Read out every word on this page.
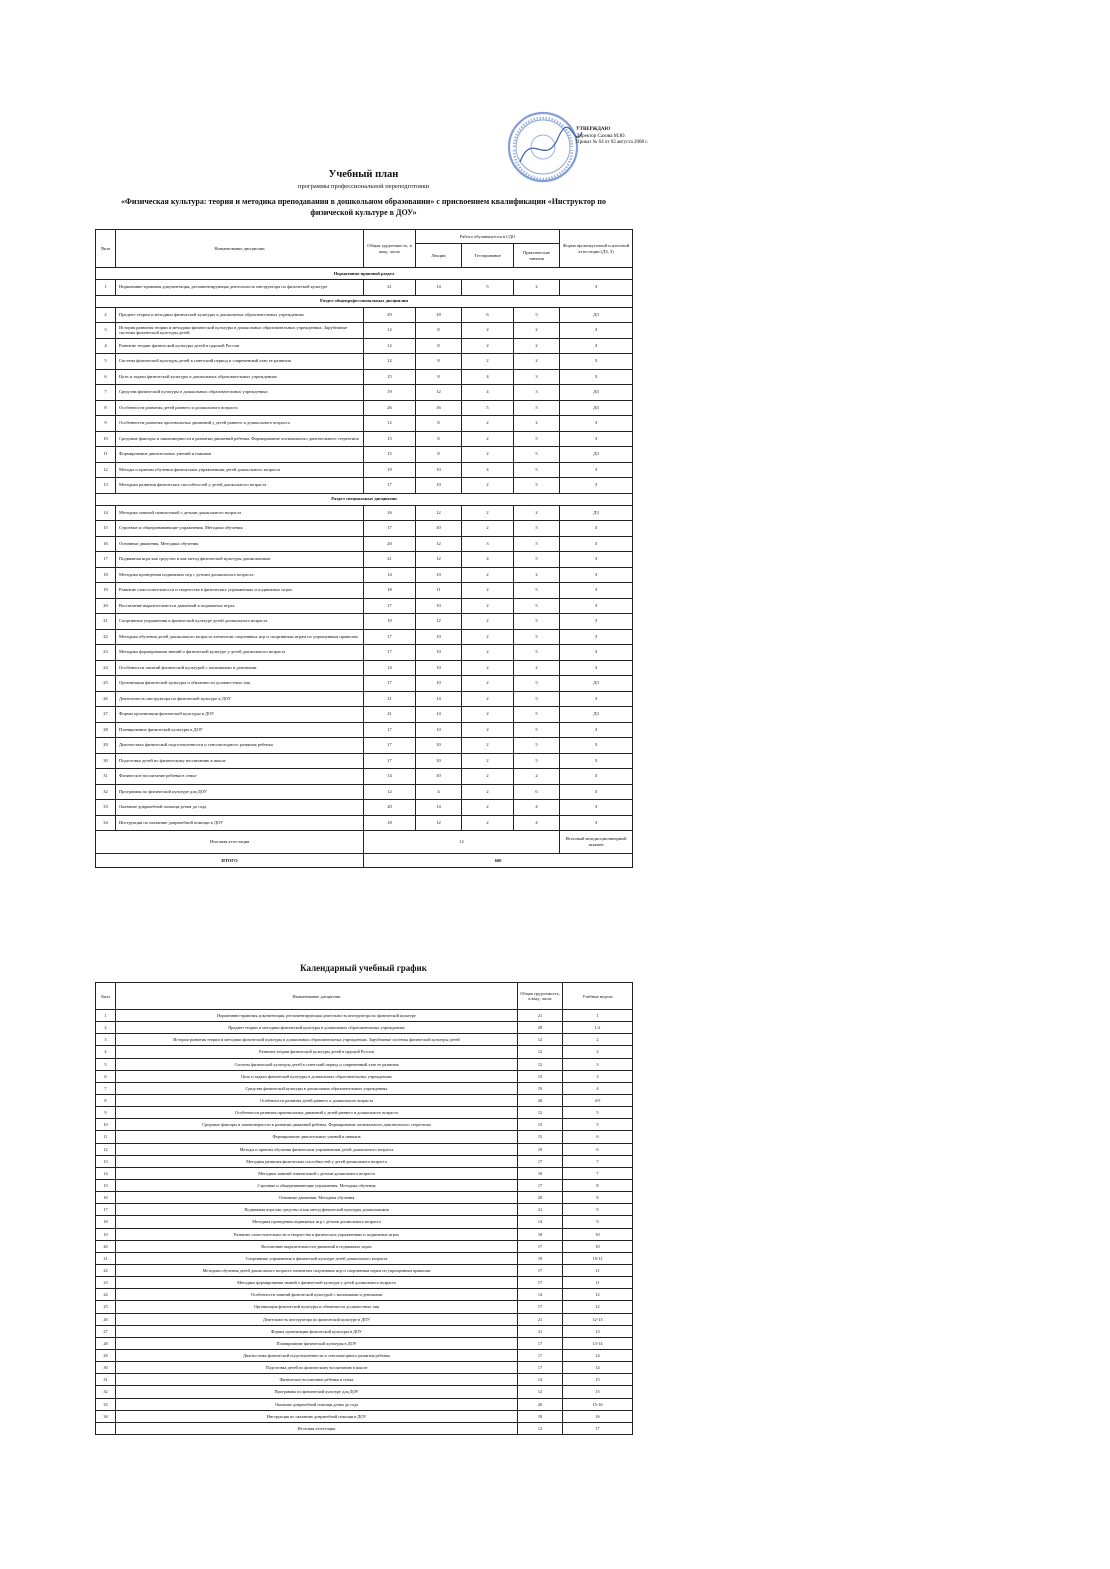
УТВЕРЖДАЮ
Директор Сахова М.Ю.
Приказ № 64 от 02 августа 2008 г.
Учебный план
программы профессиональной переподготовки
«Физическая культура: теория и методика преподавания в дошкольном образовании» с присвоением квалификации «Инструктор по физической культуре в ДОУ»
№пп	Наименование дисциплин	Общая трудоемкость, в акад. часах	Работа обучающегося в СДО			Форма промежуточной и итоговой аттестации (ДЗ, З)
			Лекции	Тестирование	Практические занятия	
Нормативно-правовой раздел						
1	Нормативно-правовая документация, регламентирующая деятельность инструктора по физической культуре	21	14	5	2	З
Раздел общепрофессиональных дисциплин						
2	Предмет теории и методики физической культуры в дошкольных образовательных учреждениях	29	18	6	5	ДЗ
3	История развития теории и методики физической культуры в дошкольных образовательных учреждениях. Зарубежные системы физической культуры детей	12	8	2	2	З
4	Развитие теории физической культуры детей в царской России	12	8	2	2	З
5	Система физической культуры детей в советский период и современный этап ее развития	12	8	2	2	З
6	Цель и задачи физической культуры в дошкольных образовательных учреждениях	15	8	4	3	З
7	Средства физической культуры в дошкольных образовательных учреждениях	19	12	4	3	ДЗ
8	Особенности развития детей раннего и дошкольного возраста	26	16	5	5	ДЗ
9	Особенности развития произвольных движений у детей раннего и дошкольного возраста	12	8	2	2	З
10	Средовые факторы и закономерности в развитии движений ребенка. Формирование оптимального двигательного стереотипа	15	8	2	5	З
11	Формирование двигательных умений и навыков	15	8	2	5	ДЗ
12	Методы и приемы обучения физическим упражнениям детей дошкольного возраста	19	10	4	5	З
13	Методика развития физических способностей у детей дошкольного возраста	17	10	2	5	З
Раздел специальных дисциплин						
14	Методика занятий гимнастикой с детьми дошкольного возраста	16	12	2	2	ДЗ
15	Строевые и общеразвивающие упражнения. Методика обучения	17	10	2	5	З
16	Основные движения. Методика обучения	20	12	3	5	З
17	Подвижная игра как средство и как метод физической культуры дошкольников	21	12	4	5	З
18	Методика проведения подвижных игр с детьми дошкольного возраста	14	10	2	2	З
19	Развитие самостоятельности и творчества в физических упражнениях и подвижных играх	18	11	2	5	З
20	Воспитание выразительности движений в подвижных играх	17	10	2	5	З
21	Спортивные упражнения в физической культуре детей дошкольного возраста	19	12	2	5	З
22	Методика обучения детей дошкольного возраста элементам спортивных игр и спортивным играм по упрощенным правилам	17	10	2	5	З
23	Методика формирования знаний о физической культуре у детей дошкольного возраста	17	10	2	5	З
24	Особенности занятий физической культурой с мальчиками и девочками	14	10	2	2	З
25	Организация физической культуры и обязанности должностных лиц	17	10	2	5	ДЗ
26	Деятельность инструктора по физической культуре в ДОУ	21	14	2	5	З
27	Формы организации физической культуры в ДОУ	21	14	2	5	ДЗ
28	Планирование физической культуры в ДОУ	17	10	2	5	З
29	Диагностика физической подготовленности и сенсомоторного развития ребенка	17	10	2	5	З
30	Подготовка детей по физическому воспитанию в школе	17	10	2	5	З
31	Физическое воспитание ребенка в семье	14	10	2	2	З
32	Программы по физической культуре для ДОУ	12	4	2	6	З
33	Оказание доврачебной помощи детям до года	20	14	2	4	З
34	Инструкция по оказанию доврачебной помощи в ДОУ	18	12	2	4	З
Итоговая аттестация		12				Итоговый междисциплинарный экзамен
ИТОГО		600				
Календарный учебный график
№пп	Наименование дисциплин	Общая трудоемкость, в акад. часах	Учебные недели
1	Нормативно-правовая документация, регламентирующая деятельность инструктора по физической культуре	21	1
2	Предмет теории и методики физической культуры в дошкольных образовательных учреждениях	29	1-2
3	История развития теории и методики физической культуры в дошкольных образовательных учреждениях. Зарубежные системы физической культуры детей	12	2
4	Развитие теории физической культуры детей в царской России	12	2
5	Система физической культуры детей в советский период и современный этап ее развития	12	3
6	Цель и задачи физической культуры в дошкольных образовательных учреждениях	15	3
7	Средства физической культуры в дошкольных образовательных учреждениях	19	4
8	Особенности развития детей раннего и дошкольного возраста	26	4-5
9	Особенности развития произвольных движений у детей раннего и дошкольного возраста	12	5
10	Средовые факторы и закономерности в развитии движений ребенка. Формирование оптимального двигательного стереотипа	15	5
11	Формирование двигательных умений и навыков	15	6
12	Методы и приемы обучения физическим упражнениям детей дошкольного возраста	19	6
13	Методика развития физических способностей у детей дошкольного возраста	17	7
14	Методика занятий гимнастикой с детьми дошкольного возраста	16	7
15	Строевые и общеразвивающие упражнения. Методика обучения	17	8
16	Основные движения. Методика обучения	20	8
17	Подвижная игра как средство и как метод физической культуры дошкольников	21	9
18	Методика проведения подвижных игр с детьми дошкольного возраста	14	9
19	Развитие самостоятельности и творчества в физических упражнениях и подвижных играх	18	10
20	Воспитание выразительности движений в подвижных играх	17	10
21	Спортивные упражнения в физической культуре детей дошкольного возраста	19	10-11
22	Методика обучения детей дошкольного возраста элементам спортивных игр и спортивным играм по упрощенным правилам	17	11
23	Методика формирования знаний о физической культуре у детей дошкольного возраста	17	11
24	Особенности занятий физической культурой с мальчиками и девочками	14	12
25	Организация физической культуры и обязанности должностных лиц	17	12
26	Деятельность инструктора по физической культуре в ДОУ	21	12-13
27	Формы организации физической культуры в ДОУ	21	13
28	Планирование физической культуры в ДОУ	17	13-14
29	Диагностика физической подготовленности и сенсомоторного развития ребенка	17	14
30	Подготовка детей по физическому воспитанию в школе	17	14
31	Физическое воспитание ребенка в семье	14	15
32	Программы по физической культуре для ДОУ	12	15
33	Оказание доврачебной помощи детям до года	20	15-16
34	Инструкция по оказанию доврачебной помощи в ДОУ	18	16
	Итоговая аттестация	12	17
